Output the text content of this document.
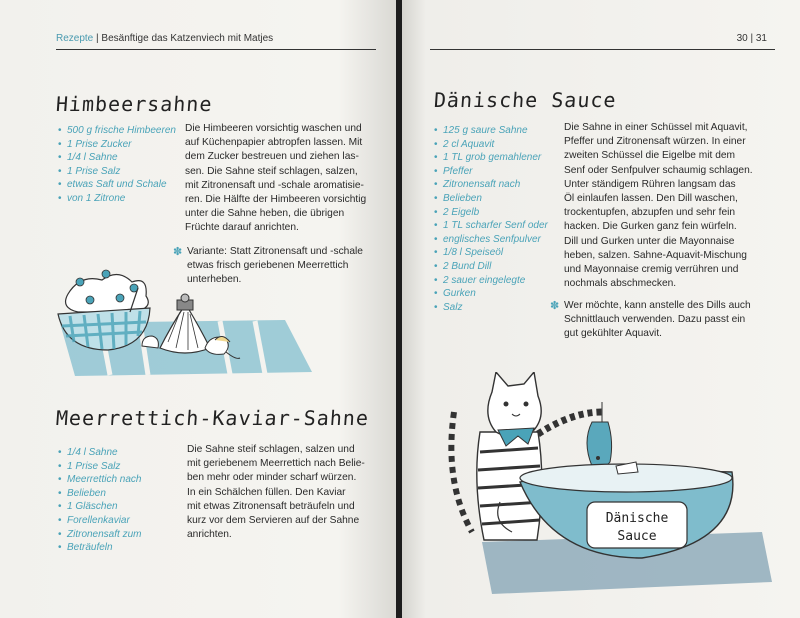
Rezepte | Besänftige das Katzenviech mit Matjes
Himbeersahne
• 500 g frische Himbeeren
• 1 Prise Zucker
• 1/4 l Sahne
• 1 Prise Salz
• etwas Saft und Schale
• von 1 Zitrone
Die Himbeeren vorsichtig waschen und
auf Küchenpapier abtropfen lassen. Mit
dem Zucker bestreuen und ziehen las-
sen. Die Sahne steif schlagen, salzen,
mit Zitronensaft und -schale aromatisie-
ren. Die Hälfte der Himbeeren vorsichtig
unter die Sahne heben, die übrigen
Früchte darauf anrichten.
✽ Variante: Statt Zitronensaft und -schale
etwas frisch geriebenen Meerrettich
unterheben.
Meerrettich-Kaviar-Sahne
• 1/4 l Sahne
• 1 Prise Salz
• Meerrettich nach
• Belieben
• 1 Gläschen
• Forellenkaviar
• Zitronensaft zum
• Beträufeln
Die Sahne steif schlagen, salzen und
mit geriebenem Meerrettich nach Belie-
ben mehr oder minder scharf würzen.
In ein Schälchen füllen. Den Kaviar
mit etwas Zitronensaft beträufeln und
kurz vor dem Servieren auf der Sahne
anrichten.
30 | 31
Dänische Sauce
• 125 g saure Sahne
• 2 cl Aquavit
• 1 TL grob gemahlener
• Pfeffer
• Zitronensaft nach
• Belieben
• 2 Eigelb
• 1 TL scharfer Senf oder
• englisches Senfpulver
• 1/8 l Speiseöl
• 2 Bund Dill
• 2 sauer eingelegte
• Gurken
• Salz
Die Sahne in einer Schüssel mit Aquavit,
Pfeffer und Zitronensaft würzen. In einer
zweiten Schüssel die Eigelbe mit dem
Senf oder Senfpulver schaumig schlagen.
Unter ständigem Rühren langsam das
Öl einlaufen lassen. Den Dill waschen,
trockentupfen, abzupfen und sehr fein
hacken. Die Gurken ganz fein würfeln.
Dill und Gurken unter die Mayonnaise
heben, salzen. Sahne-Aquavit-Mischung
und Mayonnaise cremig verrühren und
nochmals abschmecken.
✽ Wer möchte, kann anstelle des Dills auch
Schnittlauch verwenden. Dazu passt ein
gut gekühlter Aquavit.
Dänische
Sauce
